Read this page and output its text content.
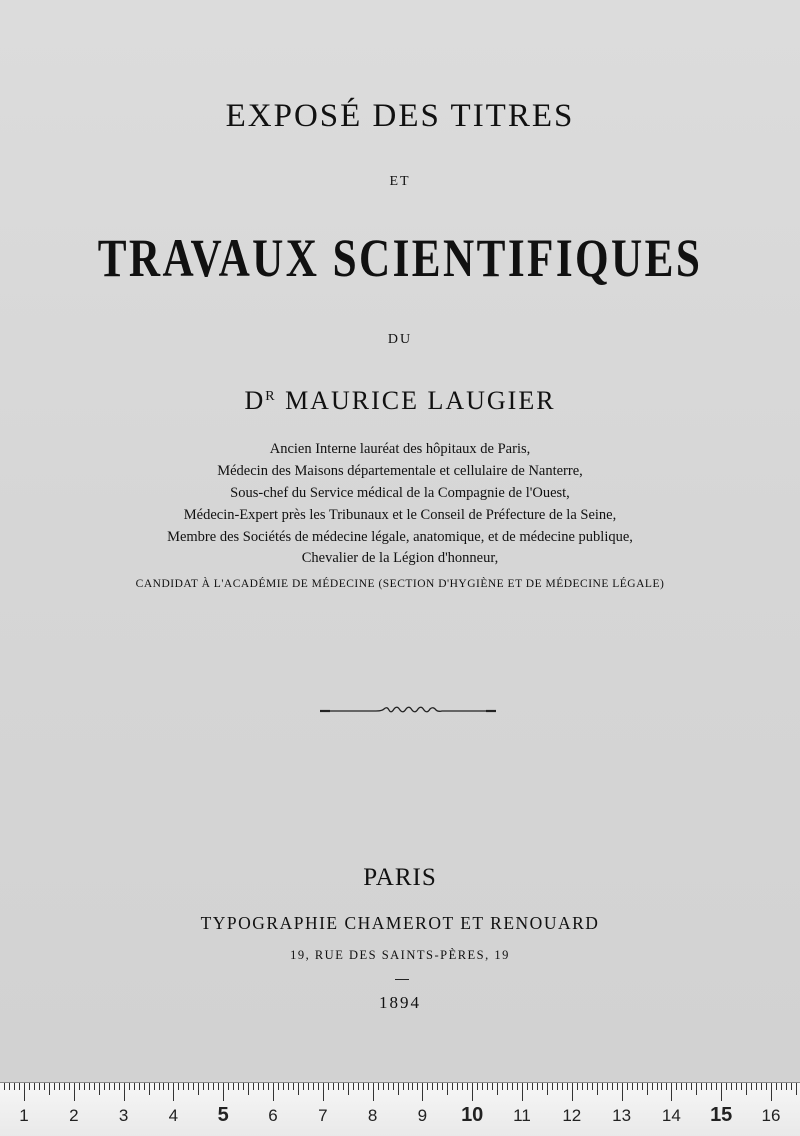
EXPOSÉ DES TITRES

ET

TRAVAUX SCIENTIFIQUES

DU

$D^R$ MAURICE LAUGIER

Ancien Interne lauréat des hôpitaux de Paris,

Médecin des Maisons départementale et cellulaire de Nanterre,

Sous-chef du Service médical de la Compagnie de l'Ouest,

Médecin-Expert près les Tribunaux et le Conseil de Préfecture de la Seine,

Membre des Sociétés de médecine légale, anatomique, et de médecine publique,

Chevalier de la Légion d'honneur,

CANDIDAT À L'ACADÉMIE DE MÉDECINE (SECTION D'HYGIÈNE ET DE MÉDECINE LÉGALE)

PARIS

TYPOGRAPHIE CHAMEROT ET RENOUARD

19, RUE DES SAINTS-PÈRES, 19

1894

1 2 3 4 5 6 7 8 9 10 11 12 13 14 15 16
